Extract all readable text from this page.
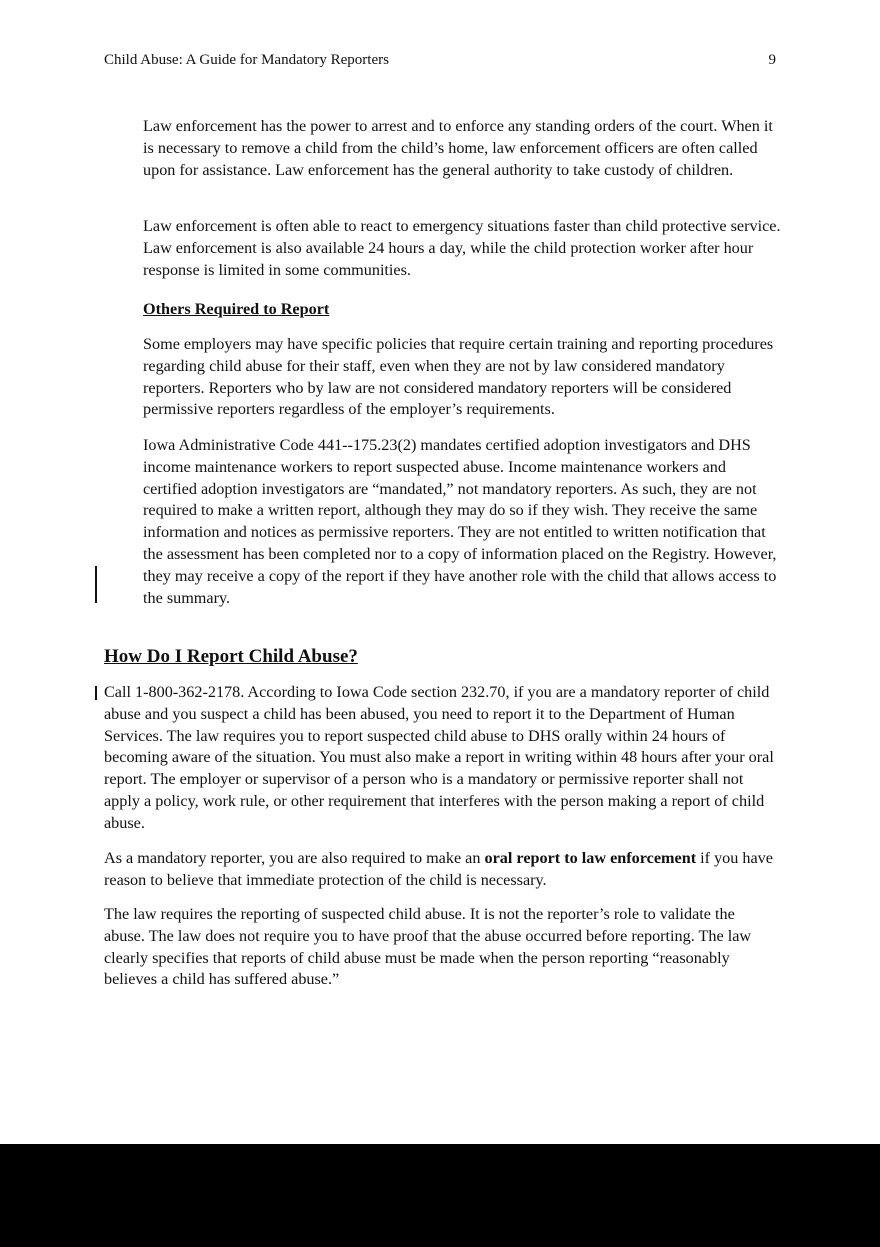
Child Abuse: A Guide for Mandatory Reporters	9

Law enforcement has the power to arrest and to enforce any standing orders of the court. When it is necessary to remove a child from the child’s home, law enforcement officers are often called upon for assistance. Law enforcement has the general authority to take custody of children.

Law enforcement is often able to react to emergency situations faster than child protective service. Law enforcement is also available 24 hours a day, while the child protection worker after hour response is limited in some communities.

Others Required to Report

Some employers may have specific policies that require certain training and reporting procedures regarding child abuse for their staff, even when they are not by law considered mandatory reporters. Reporters who by law are not considered mandatory reporters will be considered permissive reporters regardless of the employer’s requirements.

Iowa Administrative Code 441--175.23(2) mandates certified adoption investigators and DHS income maintenance workers to report suspected abuse. Income maintenance workers and certified adoption investigators are “mandated,” not mandatory reporters. As such, they are not required to make a written report, although they may do so if they wish. They receive the same information and notices as permissive reporters. They are not entitled to written notification that the assessment has been completed nor to a copy of information placed on the Registry. However, they may receive a copy of the report if they have another role with the child that allows access to the summary.

How Do I Report Child Abuse?

Call 1-800-362-2178. According to Iowa Code section 232.70, if you are a mandatory reporter of child abuse and you suspect a child has been abused, you need to report it to the Department of Human Services. The law requires you to report suspected child abuse to DHS orally within 24 hours of becoming aware of the situation. You must also make a report in writing within 48 hours after your oral report. The employer or supervisor of a person who is a mandatory or permissive reporter shall not apply a policy, work rule, or other requirement that interferes with the person making a report of child abuse.

As a mandatory reporter, you are also required to make an oral report to law enforcement if you have reason to believe that immediate protection of the child is necessary.

The law requires the reporting of suspected child abuse. It is not the reporter’s role to validate the abuse. The law does not require you to have proof that the abuse occurred before reporting. The law clearly specifies that reports of child abuse must be made when the person reporting “reasonably believes a child has suffered abuse.”
